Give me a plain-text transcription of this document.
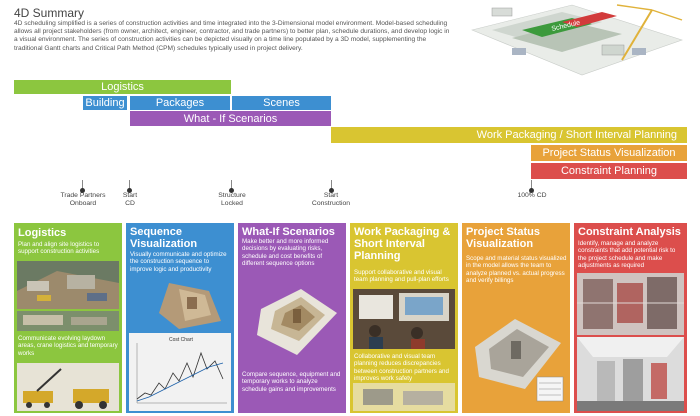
4D Summary
4D scheduling simplified is a series of construction activities and time integrated into the 3-Dimensional model environment. Model-based scheduling allows all project stakeholders (from owner, architect, engineer, contractor, and trade partners) to better plan, schedule durations, and develop logic in a visual environment. The series of construction activities can be depicted visually on a time line populated by a 3D model, supplementing the traditional Gantt charts and Critical Path Method (CPM) schedules typically used in project delivery.
Schedule
Logistics
Building	Packages	Scenes
What - If Scenarios
Work Packaging / Short Interval Planning
Project Status Visualization
Constraint Planning
Trade Partners
Onboard
Start
CD
Structure
Locked
Start
Construction
100% CD
Logistics
Plan and align site logistics to support construction activities
Communicate evolving laydown areas, crane logistics and temporary works
Sequence Visualization
Visually communicate and optimize the construction sequence to improve logic and productivity
Cost Chart
What-If Scenarios
Make better and more informed decisions by evaluating risks, schedule and cost benefits of different sequence options
Compare sequence, equipment and temporary works to analyze schedule gains and improvements
Work Packaging & Short Interval Planning
Support collaborative and visual team planning and pull-plan efforts
Collaborative and visual team planning reduces discrepancies between construction partners and improves work safety
Project Status Visualization
Scope and material status visualized in the model allows the team to analyze planned vs. actual progress and verify billings
Constraint Analysis
Identify, manage and analyze constraints that add potential risk to the project schedule and make adjustments as required
